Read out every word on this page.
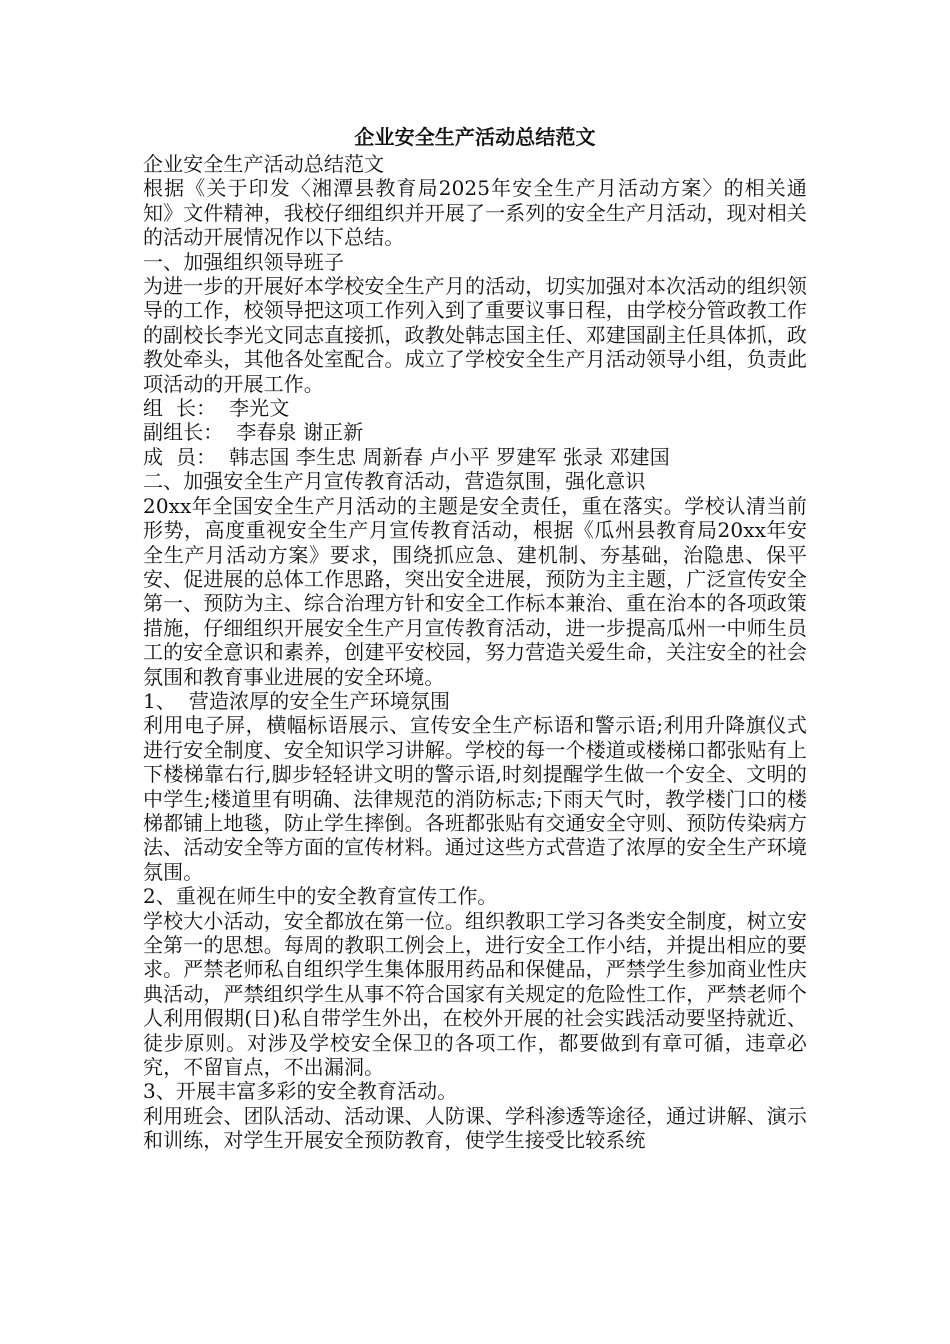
企业安全生产活动总结范文

企业安全生产活动总结范文

根据《关于印发〈湘潭县教育局2025年安全生产月活动方案〉的相关通知》文件精神，我校仔细组织并开展了一系列的安全生产月活动，现对相关的活动开展情况作以下总结。

一、加强组织领导班子

为进一步的开展好本学校安全生产月的活动，切实加强对本次活动的组织领导的工作，校领导把这项工作列入到了重要议事日程，由学校分管政教工作的副校长李光文同志直接抓，政教处韩志国主任、邓建国副主任具体抓，政教处牵头，其他各处室配合。成立了学校安全生产月活动领导小组，负责此项活动的开展工作。

组  长：  李光文

副组长：  李春泉 谢正新

成  员：  韩志国 李生忠 周新春 卢小平 罗建军 张录 邓建国

二、加强安全生产月宣传教育活动，营造氛围，强化意识

20xx年全国安全生产月活动的主题是安全责任，重在落实。学校认清当前形势，高度重视安全生产月宣传教育活动，根据《瓜州县教育局20xx年安全生产月活动方案》要求，围绕抓应急、建机制、夯基础，治隐患、保平安、促进展的总体工作思路，突出安全进展，预防为主主题，广泛宣传安全第一、预防为主、综合治理方针和安全工作标本兼治、重在治本的各项政策措施，仔细组织开展安全生产月宣传教育活动，进一步提高瓜州一中师生员工的安全意识和素养，创建平安校园，努力营造关爱生命，关注安全的社会氛围和教育事业进展的安全环境。

1、  营造浓厚的安全生产环境氛围

利用电子屏，横幅标语展示、宣传安全生产标语和警示语;利用升降旗仪式进行安全制度、安全知识学习讲解。学校的每一个楼道或楼梯口都张贴有上下楼梯靠右行,脚步轻轻讲文明的警示语,时刻提醒学生做一个安全、文明的中学生;楼道里有明确、法律规范的消防标志;下雨天气时，教学楼门口的楼梯都铺上地毯，防止学生摔倒。各班都张贴有交通安全守则、预防传染病方法、活动安全等方面的宣传材料。通过这些方式营造了浓厚的安全生产环境氛围。

2、重视在师生中的安全教育宣传工作。

学校大小活动，安全都放在第一位。组织教职工学习各类安全制度，树立安全第一的思想。每周的教职工例会上，进行安全工作小结，并提出相应的要求。严禁老师私自组织学生集体服用药品和保健品，严禁学生参加商业性庆典活动，严禁组织学生从事不符合国家有关规定的危险性工作，严禁老师个人利用假期(日)私自带学生外出，在校外开展的社会实践活动要坚持就近、徒步原则。对涉及学校安全保卫的各项工作，都要做到有章可循，违章必究，不留盲点，不出漏洞。

3、开展丰富多彩的安全教育活动。

利用班会、团队活动、活动课、人防课、学科渗透等途径，通过讲解、演示和训练，对学生开展安全预防教育，使学生接受比较系统
